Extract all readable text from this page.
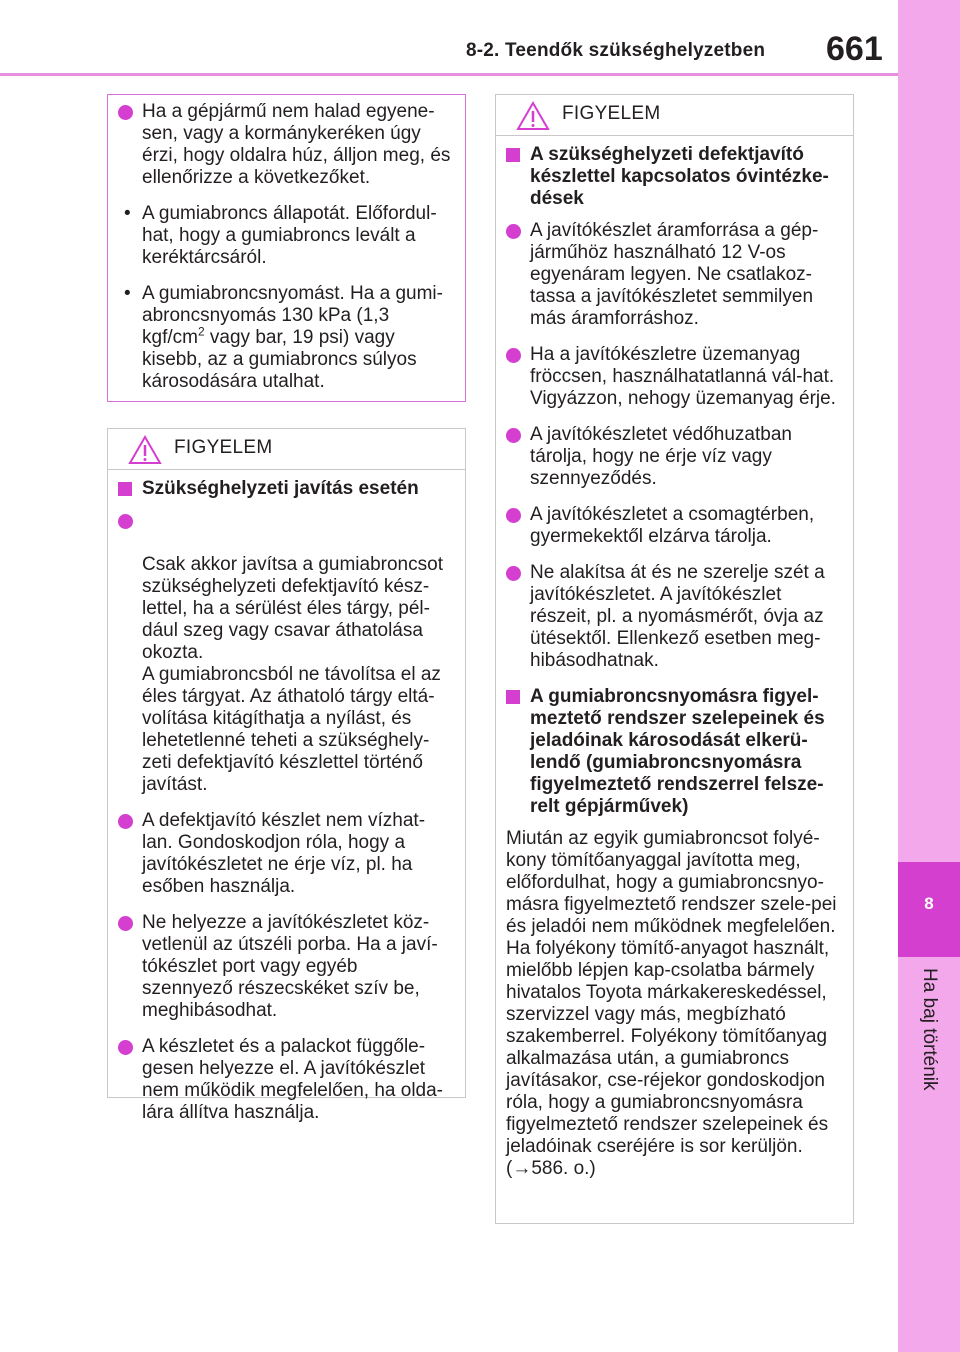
8-2. Teendők szükséghelyzetben	661
8
Ha baj történik
Ha a gépjármű nem halad egyene-sen, vagy a kormánykeréken úgy érzi, hogy oldalra húz, álljon meg, és ellenőrizze a következőket.
• A gumiabroncs állapotát. Előfordul-hat, hogy a gumiabroncs levált a keréktárcsáról.
• A gumiabroncsnyomást. Ha a gumi-abroncsnyomás 130 kPa (1,3 kgf/$cm^2$ vagy bar, 19 psi) vagy kisebb, az a gumiabroncs súlyos károsodására utalhat.
FIGYELEM
Szükséghelyzeti javítás esetén

Csak akkor javítsa a gumiabroncsot szükséghelyzeti defektjavító kész-lettel, ha a sérülést éles tárgy, pél-dául szeg vagy csavar áthatolása okozta.
A gumiabroncsból ne távolítsa el az éles tárgyat. Az áthatoló tárgy eltá-volítása kitágíthatja a nyílást, és lehetetlenné teheti a szükséghely-zeti defektjavító készlettel történő javítást.

A defektjavító készlet nem vízhat-lan. Gondoskodjon róla, hogy a javítókészletet ne érje víz, pl. ha esőben használja.
Ne helyezze a javítókészletet köz-vetlenül az útszéli porba. Ha a javí-tókészlet port vagy egyéb szennyező részecskéket szív be, meghibásodhat.
A készletet és a palackot függőle-gesen helyezze el. A javítókészlet nem működik megfelelően, ha olda-lára állítva használja.
FIGYELEM
A szükséghelyzeti defektjavító készlettel kapcsolatos óvintézke-dések
A javítókészlet áramforrása a gép-járműhöz használható 12 V-os egyenáram legyen. Ne csatlakoz-tassa a javítókészletet semmilyen más áramforráshoz.
Ha a javítókészletre üzemanyag fröccsen, használhatatlanná vál-hat. Vigyázzon, nehogy üzemanyag érje.
A javítókészletet védőhuzatban tárolja, hogy ne érje víz vagy szennyeződés.
A javítókészletet a csomagtérben, gyermekektől elzárva tárolja.
Ne alakítsa át és ne szerelje szét a javítókészletet. A javítókészlet részeit, pl. a nyomásmérőt, óvja az ütésektől. Ellenkező esetben meg-hibásodhatnak.
A gumiabroncsnyomásra figyel-meztető rendszer szelepeinek és jeladóinak károsodását elkerü-lendő (gumiabroncsnyomásra figyelmeztető rendszerrel felsze-relt gépjárművek)

Miután az egyik gumiabroncsot folyé-kony tömítőanyaggal javította meg, előfordulhat, hogy a gumiabroncsnyo-másra figyelmeztető rendszer szele-pei és jeladói nem működnek megfelelően. Ha folyékony tömítő-anyagot használt, mielőbb lépjen kap-csolatba bármely hivatalos Toyota márkakereskedéssel, szervizzel vagy más, megbízható szakemberrel. Folyékony tömítőanyag alkalmazása után, a gumiabroncs javításakor, cse-réjekor gondoskodjon róla, hogy a gumiabroncsnyomásra figyelmeztető rendszer szelepeinek és jeladóinak cseréjére is sor kerüljön. (→586. o.)
